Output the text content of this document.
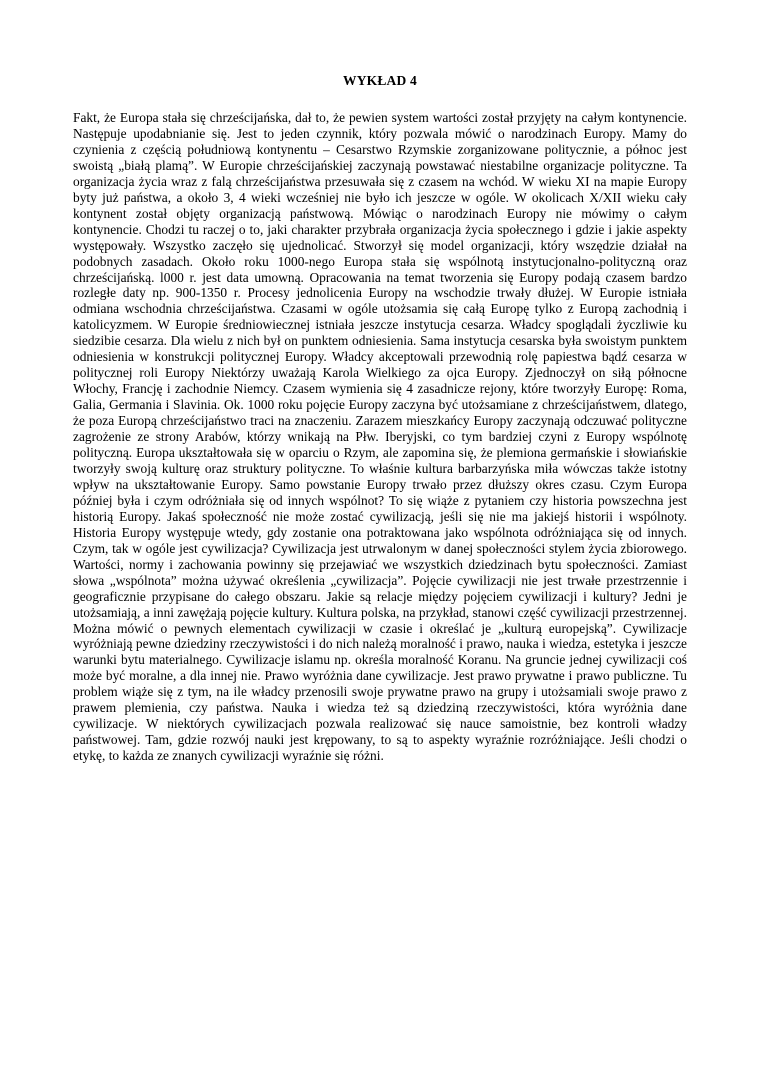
WYKŁAD 4

Fakt, że Europa stała się chrześcijańska, dał to, że pewien system wartości został przyjęty na całym kontynencie. Następuje upodabnianie się. Jest to jeden czynnik, który pozwala mówić o narodzinach Europy. Mamy do czynienia z częścią południową kontynentu – Cesarstwo Rzymskie zorganizowane politycznie, a północ jest swoistą „białą plamą”. W Europie chrześcijańskiej zaczynają powstawać niestabilne organizacje polityczne. Ta organizacja życia wraz z falą chrześcijaństwa przesuwała się z czasem na wchód. W wieku XI na mapie Europy byty już państwa, a około 3, 4 wieki wcześniej nie było ich jeszcze w ogóle. W okolicach X/XII wieku cały kontynent został objęty organizacją państwową. Mówiąc o narodzinach Europy nie mówimy o całym kontynencie. Chodzi tu raczej o to, jaki charakter przybrała organizacja życia społecznego i gdzie i jakie aspekty występowały. Wszystko zaczęło się ujednolicać. Stworzył się model organizacji, który wszędzie działał na podobnych zasadach. Około roku 1000-nego Europa stała się wspólnotą instytucjonalno-polityczną oraz chrześcijańską. l000 r. jest data umowną. Opracowania na temat tworzenia się Europy podają czasem bardzo rozległe daty np. 900-1350 r. Procesy jednolicenia Europy na wschodzie trwały dłużej. W Europie istniała odmiana wschodnia chrześcijaństwa. Czasami w ogóle utożsamia się całą Europę tylko z Europą zachodnią i katolicyzmem. W Europie średniowiecznej istniała jeszcze instytucja cesarza. Władcy spoglądali życzliwie ku siedzibie cesarza. Dla wielu z nich był on punktem odniesienia. Sama instytucja cesarska była swoistym punktem odniesienia w konstrukcji politycznej Europy. Władcy akceptowali przewodnią rolę papiestwa bądź cesarza w politycznej roli Europy Niektórzy uważają Karola Wielkiego za ojca Europy. Zjednoczył on siłą północne Włochy, Francję i zachodnie Niemcy. Czasem wymienia się 4 zasadnicze rejony, które tworzyły Europę: Roma, Galia, Germania i Slavinia. Ok. 1000 roku pojęcie Europy zaczyna być utożsamiane z chrześcijaństwem, dlatego, że poza Europą chrześcijaństwo traci na znaczeniu. Zarazem mieszkańcy Europy zaczynają odczuwać polityczne zagrożenie ze strony Arabów, którzy wnikają na Płw. Iberyjski, co tym bardziej czyni z Europy wspólnotę polityczną. Europa ukształtowała się w oparciu o Rzym, ale zapomina się, że plemiona germańskie i słowiańskie tworzyły swoją kulturę oraz struktury polityczne. To właśnie kultura barbarzyńska miła wówczas także istotny wpływ na ukształtowanie Europy. Samo powstanie Europy trwało przez dłuższy okres czasu. Czym Europa później była i czym odróżniała się od innych wspólnot? To się wiąże z pytaniem czy historia powszechna jest historią Europy. Jakaś społeczność nie może zostać cywilizacją, jeśli się nie ma jakiejś historii i wspólnoty. Historia Europy występuje wtedy, gdy zostanie ona potraktowana jako wspólnota odróżniająca się od innych. Czym, tak w ogóle jest cywilizacja? Cywilizacja jest utrwalonym w danej społeczności stylem życia zbiorowego. Wartości, normy i zachowania powinny się przejawiać we wszystkich dziedzinach bytu społeczności. Zamiast słowa „wspólnota” można używać określenia „cywilizacja”. Pojęcie cywilizacji nie jest trwałe przestrzennie i geograficznie przypisane do całego obszaru. Jakie są relacje między pojęciem cywilizacji i kultury? Jedni je utożsamiają, a inni zawężają pojęcie kultury. Kultura polska, na przykład, stanowi część cywilizacji przestrzennej. Można mówić o pewnych elementach cywilizacji w czasie i określać je „kulturą europejską”. Cywilizacje wyróżniają pewne dziedziny rzeczywistości i do nich należą moralność i prawo, nauka i wiedza, estetyka i jeszcze warunki bytu materialnego. Cywilizacje islamu np. określa moralność Koranu. Na gruncie jednej cywilizacji coś może być moralne, a dla innej nie. Prawo wyróżnia dane cywilizacje. Jest prawo prywatne i prawo publiczne. Tu problem wiąże się z tym, na ile władcy przenosili swoje prywatne prawo na grupy i utożsamiali swoje prawo z prawem plemienia, czy państwa. Nauka i wiedza też są dziedziną rzeczywistości, która wyróżnia dane cywilizacje. W niektórych cywilizacjach pozwala realizować się nauce samoistnie, bez kontroli władzy państwowej. Tam, gdzie rozwój nauki jest krępowany, to są to aspekty wyraźnie rozróżniające. Jeśli chodzi o etykę, to każda ze znanych cywilizacji wyraźnie się różni.
